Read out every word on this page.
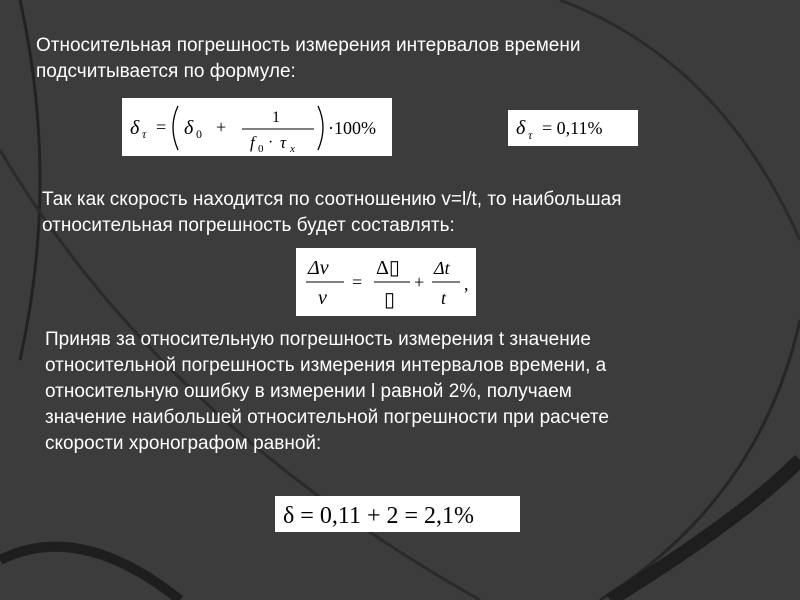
Относительная погрешность измерения интервалов времени
подсчитывается по формуле:

δ τ = δ 0 +	1
f 0 · τ x
·100%	δ τ = 0,11%

Так как скорость находится по соотношению v=l/t, то наибольшая
относительная погрешность будет составлять:

Δν
ν
=
Δ▯
▯
+
Δt
t
,

Приняв за относительную погрешность измерения t значение
относительной погрешность измерения интервалов времени, а
относительную ошибку в измерении l равной 2%, получаем
значение наибольшей относительной погрешности при расчете
скорости хронографом равной:

δ = 0,11 + 2 = 2,1%
